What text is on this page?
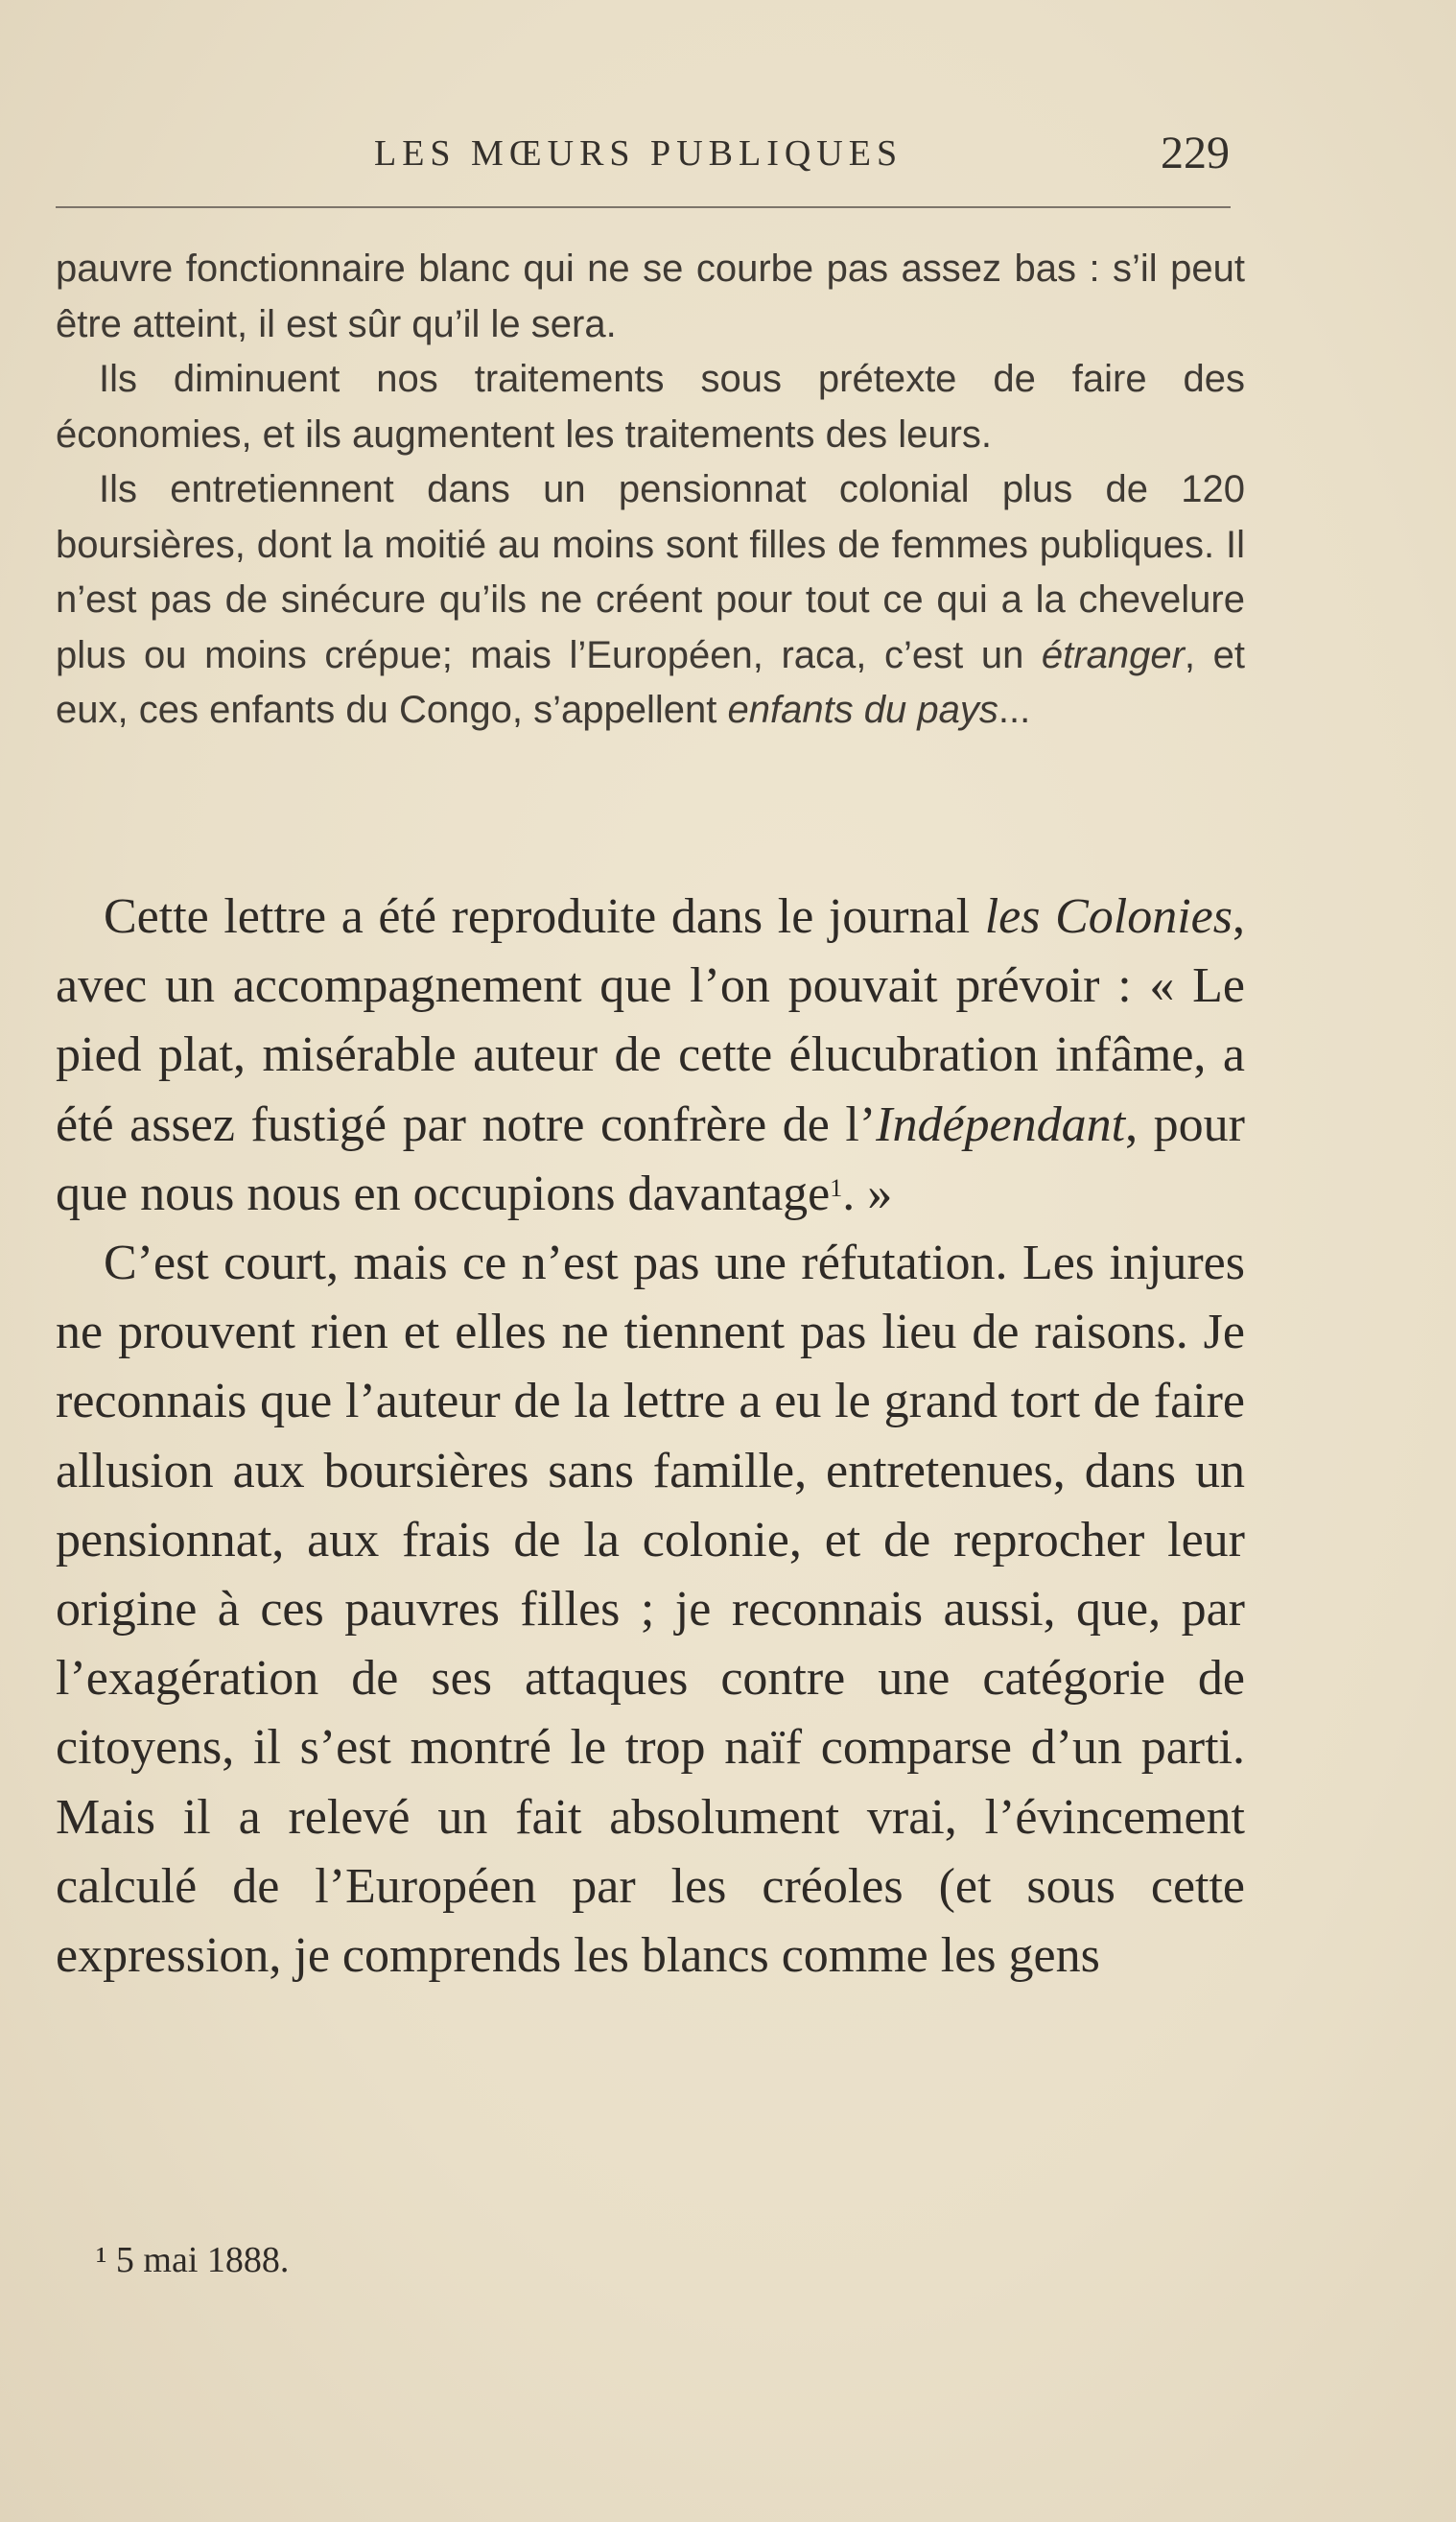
LES MŒURS PUBLIQUES	229

pauvre fonctionnaire blanc qui ne se courbe pas assez bas : s’il peut être atteint, il est sûr qu’il le sera.

Ils diminuent nos traitements sous prétexte de faire des économies, et ils augmentent les traitements des leurs.

Ils entretiennent dans un pensionnat colonial plus de 120 boursières, dont la moitié au moins sont filles de femmes publiques. Il n’est pas de sinécure qu’ils ne créent pour tout ce qui a la chevelure plus ou moins crépue; mais l’Européen, raca, c’est un étranger, et eux, ces enfants du Congo, s’appellent enfants du pays...

Cette lettre a été reproduite dans le journal les Colonies, avec un accompagnement que l’on pouvait prévoir : « Le pied plat, misérable auteur de cette élucubration infâme, a été assez fustigé par notre confrère de l’Indépendant, pour que nous nous en occupions davantage$^1$. »

C’est court, mais ce n’est pas une réfutation. Les injures ne prouvent rien et elles ne tiennent pas lieu de raisons. Je reconnais que l’auteur de la lettre a eu le grand tort de faire allusion aux boursières sans famille, entretenues, dans un pensionnat, aux frais de la colonie, et de reprocher leur origine à ces pauvres filles ; je reconnais aussi, que, par l’exagération de ses attaques contre une catégorie de citoyens, il s’est montré le trop naïf comparse d’un parti. Mais il a relevé un fait absolument vrai, l’évincement calculé de l’Européen par les créoles (et sous cette expression, je comprends les blancs comme les gens

¹ 5 mai 1888.
